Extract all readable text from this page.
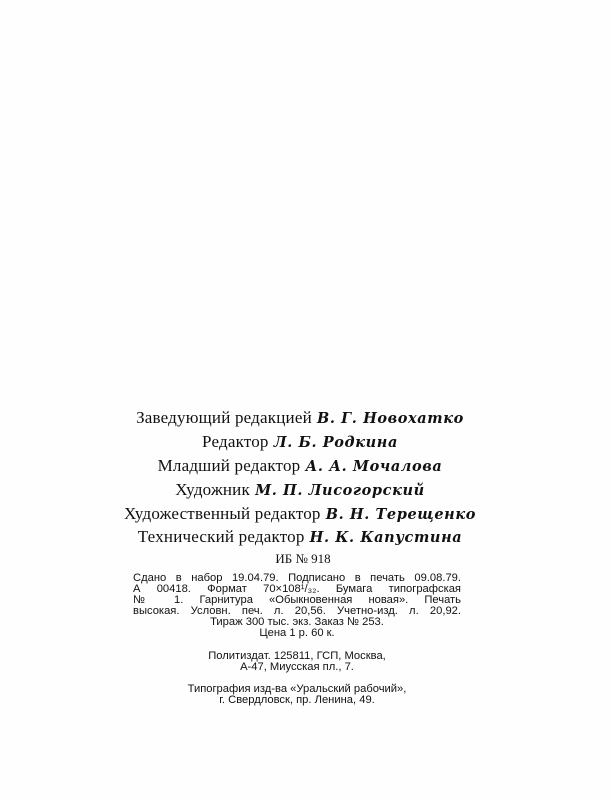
Заведующий редакцией В. Г. Новохатко
Редактор Л. Б. Родкина
Младший редактор А. А. Мочалова
Художник М. П. Лисогорский
Художественный редактор В. Н. Терещенко
Технический редактор Н. К. Капустина
ИБ № 918
Сдано в набор 19.04.79. Подписано в печать 09.08.79.
А 00418. Формат 70×108¹/₃₂. Бумага типографская
№ 1. Гарнитура «Обыкновенная новая». Печать
высокая. Условн. печ. л. 20,56. Учетно-изд. л. 20,92.
Тираж 300 тыс. экз. Заказ № 253.
Цена 1 р. 60 к.
Политиздат. 125811, ГСП, Москва,
А-47, Миусская пл., 7.
Типография изд-ва «Уральский рабочий»,
г. Свердловск, пр. Ленина, 49.
